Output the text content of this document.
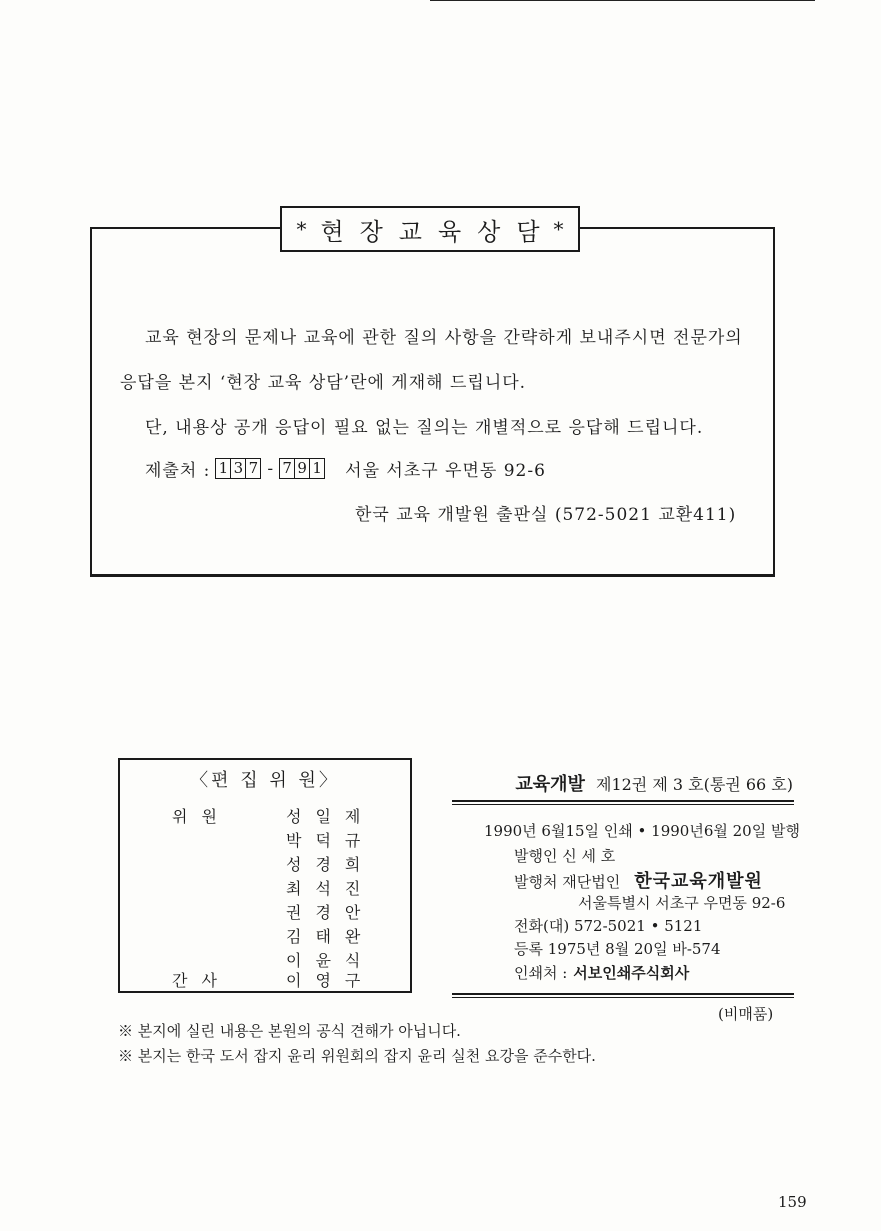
* 현장교육상담
*
교육 현장의 문제나 교육에 관한 질의 사항을 간략하게 보내주시면 전문가의
응답을 본지 ‘현장 교육 상담’란에 게재해 드립니다.
단, 내용상 공개 응답이 필요 없는 질의는 개별적으로 응답해 드립니다.
제출처 : 1 3 7 - 7 9 1 서울 서초구 우면동 92-6
한국 교육 개발원 출판실 (572-5021 교환411)
〈편 집 위 원〉
위원	성일제
박덕규
성경희
최석진
권경안
김태완
이윤식
간사	이영구
교육개발 제12권 제 3 호(통권 66 호)
1990년 6월15일 인쇄 • 1990년6월 20일 발행
발행인 신 세 호
발행처 재단법인 한국교육개발원
서울특별시 서초구 우면동 92-6
전화(대) 572-5021 • 5121
등록 1975년 8월 20일 바-574
인쇄처 : 서보인쇄주식회사
(비매품)
※ 본지에 실린 내용은 본원의 공식 견해가 아닙니다.
※ 본지는 한국 도서 잡지 윤리 위원회의 잡지 윤리 실천 요강을 준수한다.
159
